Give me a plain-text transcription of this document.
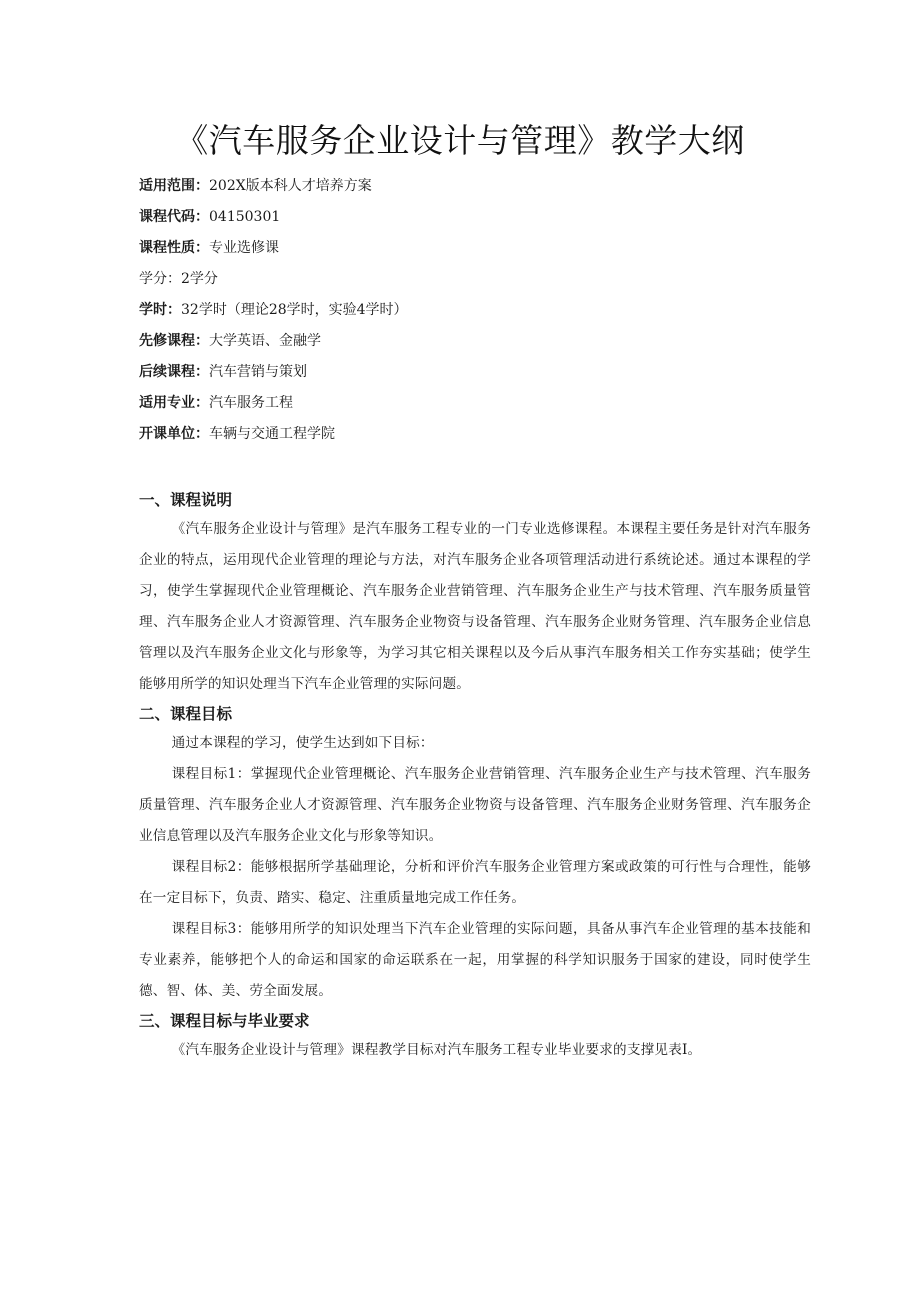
《汽车服务企业设计与管理》教学大纲
适用范围：202X版本科人才培养方案
课程代码：04150301
课程性质：专业选修课
学分：2学分
学时：32学时（理论28学时，实验4学时）
先修课程：大学英语、金融学
后续课程：汽车营销与策划
适用专业：汽车服务工程
开课单位：车辆与交通工程学院
一、课程说明

《汽车服务企业设计与管理》是汽车服务工程专业的一门专业选修课程。本课程主要任务是针对汽车服务企业的特点，运用现代企业管理的理论与方法，对汽车服务企业各项管理活动进行系统论述。通过本课程的学习，使学生掌握现代企业管理概论、汽车服务企业营销管理、汽车服务企业生产与技术管理、汽车服务质量管理、汽车服务企业人才资源管理、汽车服务企业物资与设备管理、汽车服务企业财务管理、汽车服务企业信息管理以及汽车服务企业文化与形象等，为学习其它相关课程以及今后从事汽车服务相关工作夯实基础；使学生能够用所学的知识处理当下汽车企业管理的实际问题。

二、课程目标

通过本课程的学习，使学生达到如下目标：

课程目标1：掌握现代企业管理概论、汽车服务企业营销管理、汽车服务企业生产与技术管理、汽车服务质量管理、汽车服务企业人才资源管理、汽车服务企业物资与设备管理、汽车服务企业财务管理、汽车服务企业信息管理以及汽车服务企业文化与形象等知识。

课程目标2：能够根据所学基础理论，分析和评价汽车服务企业管理方案或政策的可行性与合理性，能够在一定目标下，负责、踏实、稳定、注重质量地完成工作任务。

课程目标3：能够用所学的知识处理当下汽车企业管理的实际问题，具备从事汽车企业管理的基本技能和专业素养，能够把个人的命运和国家的命运联系在一起，用掌握的科学知识服务于国家的建设，同时使学生德、智、体、美、劳全面发展。

三、课程目标与毕业要求

《汽车服务企业设计与管理》课程教学目标对汽车服务工程专业毕业要求的支撑见表I。
